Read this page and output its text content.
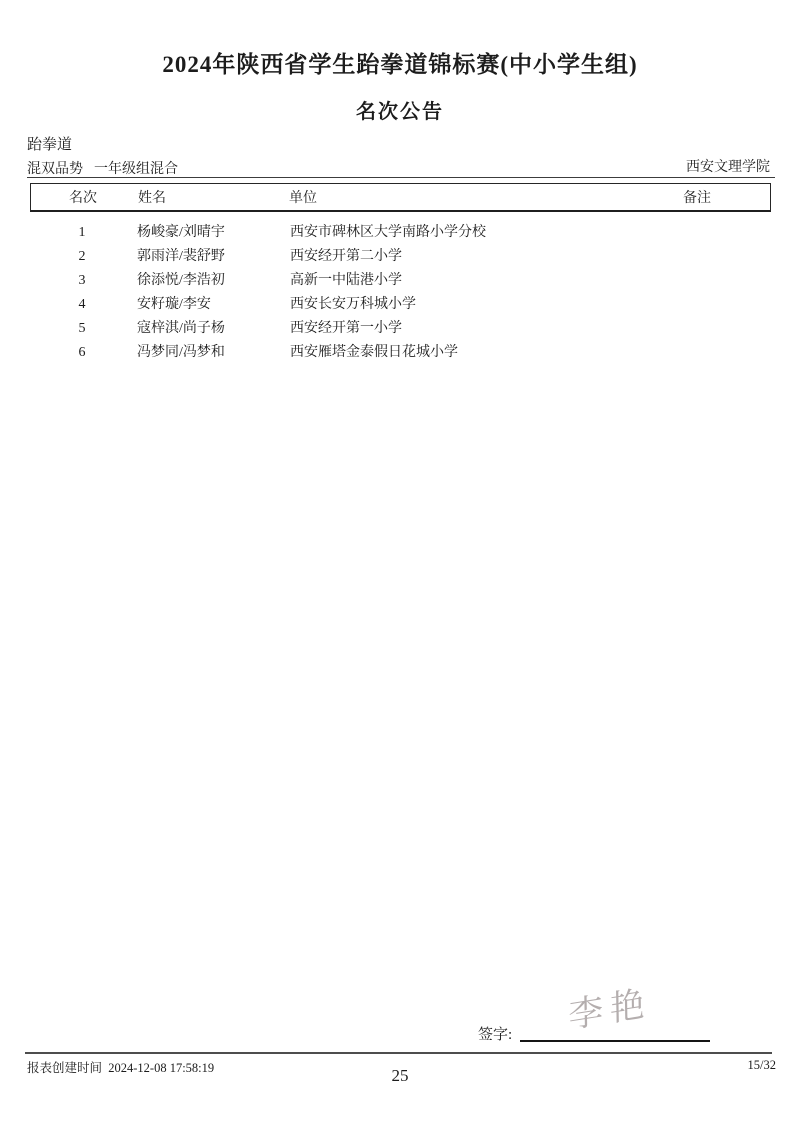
2024年陕西省学生跆拳道锦标赛(中小学生组)
名次公告
跆拳道
混双品势 一年级组混合	西安文理学院
名次	姓名	单位	备注
1	杨峻豪/刘晴宇	西安市碑林区大学南路小学分校
2	郭雨洋/裴舒野	西安经开第二小学
3	徐添悦/李浩初	高新一中陆港小学
4	安籽璇/李安	西安长安万科城小学
5	寇梓淇/尚子杨	西安经开第一小学
6	冯梦同/冯梦和	西安雁塔金泰假日花城小学
签字:	李艳
报表创建时间  2024-12-08 17:58:19	15/32
25
